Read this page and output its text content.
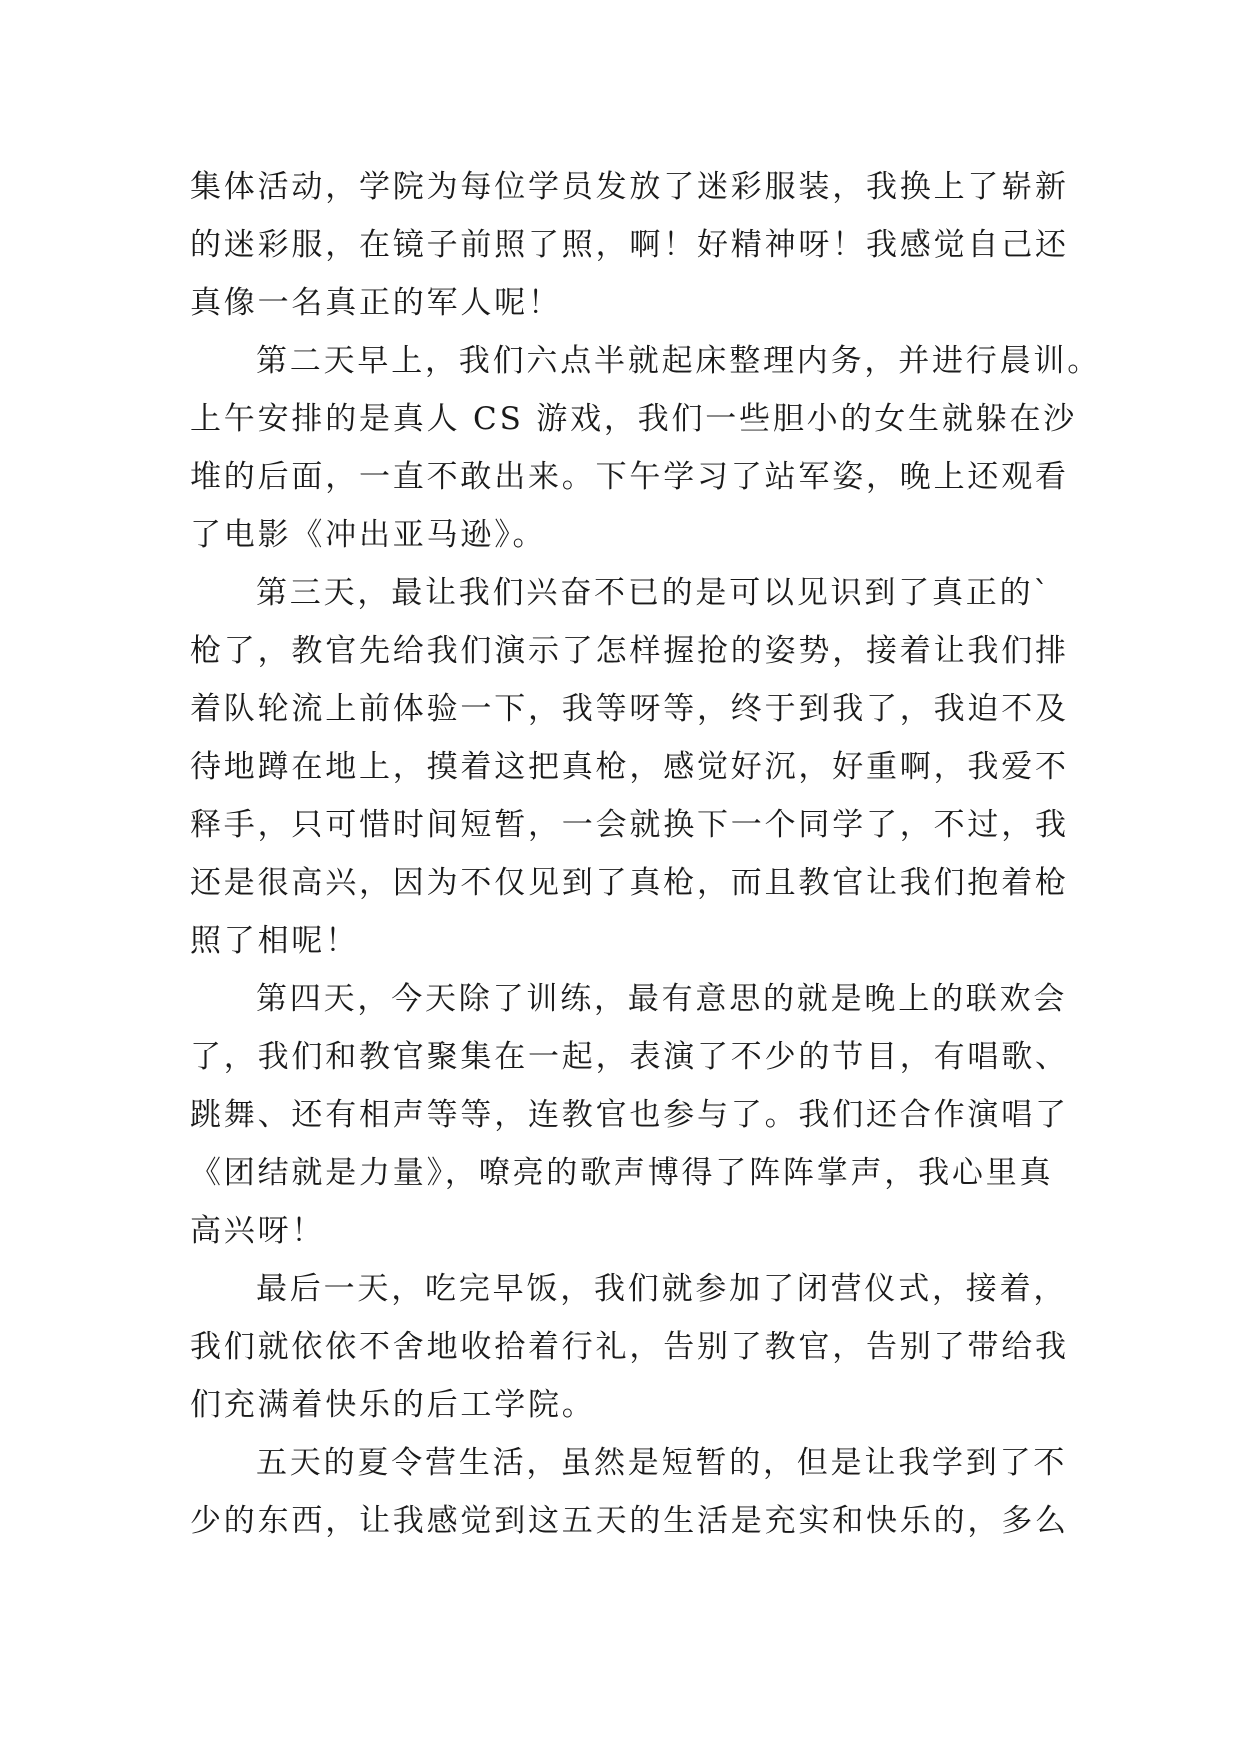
集体活动，学院为每位学员发放了迷彩服装，我换上了崭新
的迷彩服，在镜子前照了照，啊！好精神呀！我感觉自己还
真像一名真正的军人呢！
第二天早上，我们六点半就起床整理内务，并进行晨训。
上午安排的是真人 CS 游戏，我们一些胆小的女生就躲在沙
堆的后面，一直不敢出来。下午学习了站军姿，晚上还观看
了电影《冲出亚马逊》。
第三天，最让我们兴奋不已的是可以见识到了真正的`
枪了，教官先给我们演示了怎样握抢的姿势，接着让我们排
着队轮流上前体验一下，我等呀等，终于到我了，我迫不及
待地蹲在地上，摸着这把真枪，感觉好沉，好重啊，我爱不
释手，只可惜时间短暂，一会就换下一个同学了，不过，我
还是很高兴，因为不仅见到了真枪，而且教官让我们抱着枪
照了相呢！
第四天，今天除了训练，最有意思的就是晚上的联欢会
了，我们和教官聚集在一起，表演了不少的节目，有唱歌、
跳舞、还有相声等等，连教官也参与了。我们还合作演唱了
《团结就是力量》，嘹亮的歌声博得了阵阵掌声，我心里真
高兴呀！
最后一天，吃完早饭，我们就参加了闭营仪式，接着，
我们就依依不舍地收拾着行礼，告别了教官，告别了带给我
们充满着快乐的后工学院。
五天的夏令营生活，虽然是短暂的，但是让我学到了不
少的东西，让我感觉到这五天的生活是充实和快乐的，多么
